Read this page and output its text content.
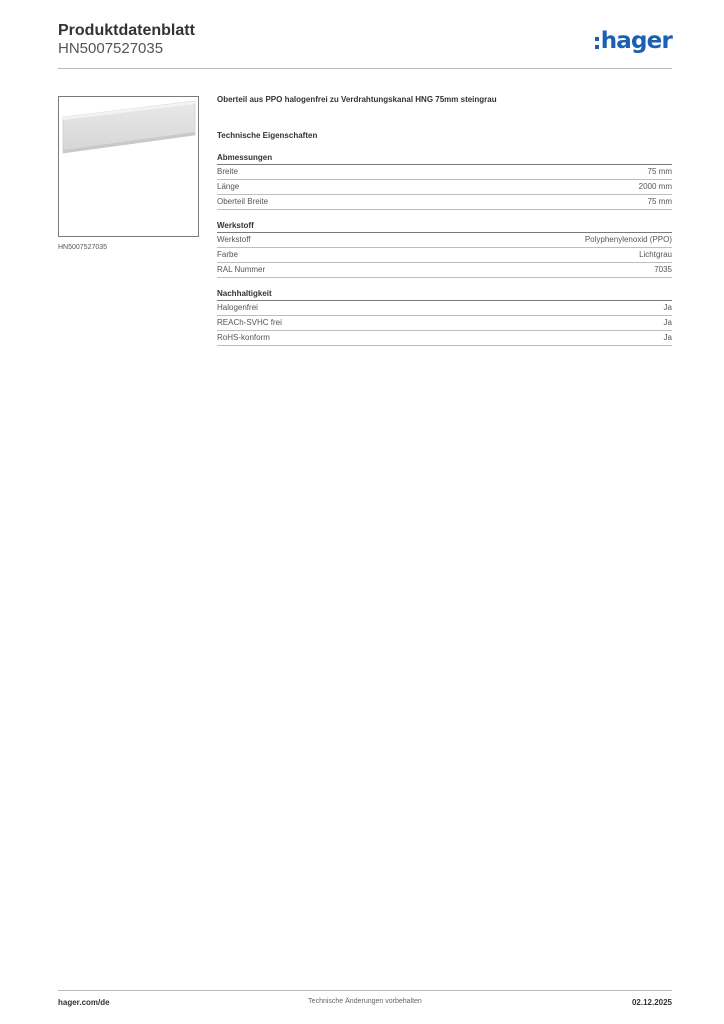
Produktdatenblatt
HN5007527035	hager
HN5007527035
Oberteil aus PPO halogenfrei zu Verdrahtungskanal HNG 75mm steingrau
Technische Eigenschaften
Abmessungen
Breite	75 mm
Länge	2000 mm
Oberteil Breite	75 mm
Werkstoff
Werkstoff	Polyphenylenoxid (PPO)
Farbe	Lichtgrau
RAL Nummer	7035
Nachhaltigkeit
Halogenfrei	Ja
REACh-SVHC frei	Ja
RoHS-konform	Ja
hager.com/de	Technische Änderungen vorbehalten	02.12.2025
